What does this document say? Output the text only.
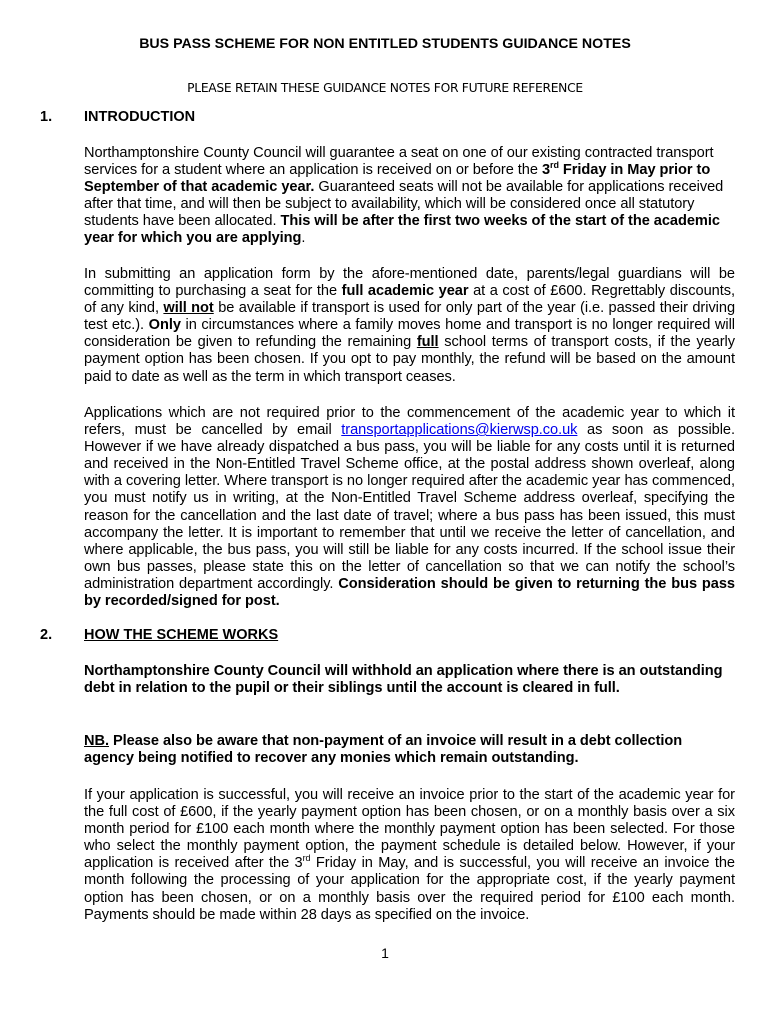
BUS PASS SCHEME FOR NON ENTITLED STUDENTS GUIDANCE NOTES
PLEASE RETAIN THESE GUIDANCE NOTES FOR FUTURE REFERENCE
1. INTRODUCTION
Northamptonshire County Council will guarantee a seat on one of our existing contracted transport services for a student where an application is received on or before the 3rd Friday in May prior to September of that academic year. Guaranteed seats will not be available for applications received after that time, and will then be subject to availability, which will be considered once all statutory students have been allocated. This will be after the first two weeks of the start of the academic year for which you are applying.
In submitting an application form by the afore-mentioned date, parents/legal guardians will be committing to purchasing a seat for the full academic year at a cost of £600. Regrettably discounts, of any kind, will not be available if transport is used for only part of the year (i.e. passed their driving test etc.). Only in circumstances where a family moves home and transport is no longer required will consideration be given to refunding the remaining full school terms of transport costs, if the yearly payment option has been chosen. If you opt to pay monthly, the refund will be based on the amount paid to date as well as the term in which transport ceases.
Applications which are not required prior to the commencement of the academic year to which it refers, must be cancelled by email transportapplications@kierwsp.co.uk as soon as possible. However if we have already dispatched a bus pass, you will be liable for any costs until it is returned and received in the Non-Entitled Travel Scheme office, at the postal address shown overleaf, along with a covering letter. Where transport is no longer required after the academic year has commenced, you must notify us in writing, at the Non-Entitled Travel Scheme address overleaf, specifying the reason for the cancellation and the last date of travel; where a bus pass has been issued, this must accompany the letter. It is important to remember that until we receive the letter of cancellation, and where applicable, the bus pass, you will still be liable for any costs incurred. If the school issue their own bus passes, please state this on the letter of cancellation so that we can notify the school’s administration department accordingly. Consideration should be given to returning the bus pass by recorded/signed for post.
2. HOW THE SCHEME WORKS
Northamptonshire County Council will withhold an application where there is an outstanding debt in relation to the pupil or their siblings until the account is cleared in full.
NB. Please also be aware that non-payment of an invoice will result in a debt collection agency being notified to recover any monies which remain outstanding.
If your application is successful, you will receive an invoice prior to the start of the academic year for the full cost of £600, if the yearly payment option has been chosen, or on a monthly basis over a six month period for £100 each month where the monthly payment option has been selected. For those who select the monthly payment option, the payment schedule is detailed below. However, if your application is received after the 3rd Friday in May, and is successful, you will receive an invoice the month following the processing of your application for the appropriate cost, if the yearly payment option has been chosen, or on a monthly basis over the required period for £100 each month. Payments should be made within 28 days as specified on the invoice.
1
